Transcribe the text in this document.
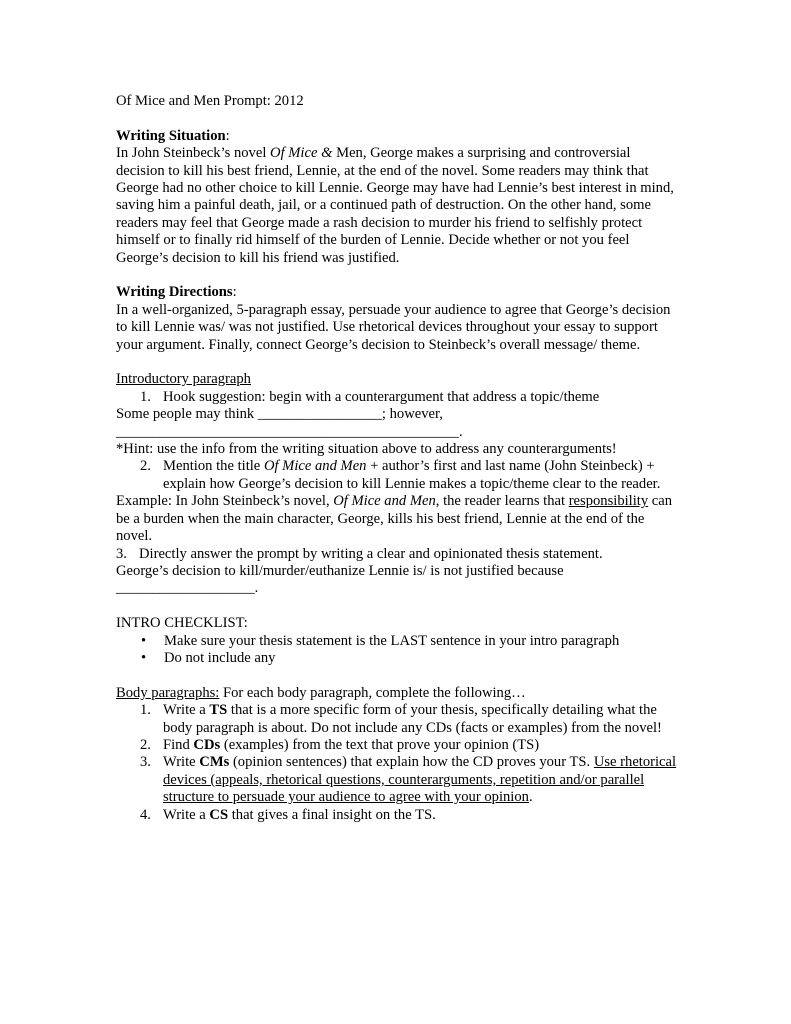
Of Mice and Men Prompt: 2012

Writing Situation:

In John Steinbeck’s novel Of Mice & Men, George makes a surprising and controversial decision to kill his best friend, Lennie, at the end of the novel. Some readers may think that George had no other choice to kill Lennie. George may have had Lennie’s best interest in mind, saving him a painful death, jail, or a continued path of destruction. On the other hand, some readers may feel that George made a rash decision to murder his friend to selfishly protect himself or to finally rid himself of the burden of Lennie. Decide whether or not you feel George’s decision to kill his friend was justified.

Writing Directions:

In a well-organized, 5-paragraph essay, persuade your audience to agree that George’s decision to kill Lennie was/ was not justified. Use rhetorical devices throughout your essay to support your argument. Finally, connect George’s decision to Steinbeck’s overall message/ theme.

Introductory paragraph

1. Hook suggestion: begin with a counterargument that address a topic/theme

Some people may think _________________; however,

_______________________________________________.

*Hint: use the info from the writing situation above to address any counterarguments!

2. Mention the title Of Mice and Men + author’s first and last name (John Steinbeck) + explain how George’s decision to kill Lennie makes a topic/theme clear to the reader.

Example: In John Steinbeck’s novel, Of Mice and Men, the reader learns that responsibility can be a burden when the main character, George, kills his best friend, Lennie at the end of the novel.

3. Directly answer the prompt by writing a clear and opinionated thesis statement.

George’s decision to kill/murder/euthanize Lennie is/ is not justified because

___________________.

INTRO CHECKLIST:

• Make sure your thesis statement is the LAST sentence in your intro paragraph
• Do not include any

Body paragraphs: For each body paragraph, complete the following…

1. Write a TS that is a more specific form of your thesis, specifically detailing what the body paragraph is about. Do not include any CDs (facts or examples) from the novel!
2. Find CDs (examples) from the text that prove your opinion (TS)
3. Write CMs (opinion sentences) that explain how the CD proves your TS. Use rhetorical devices (appeals, rhetorical questions, counterarguments, repetition and/or parallel structure to persuade your audience to agree with your opinion.
4. Write a CS that gives a final insight on the TS.
